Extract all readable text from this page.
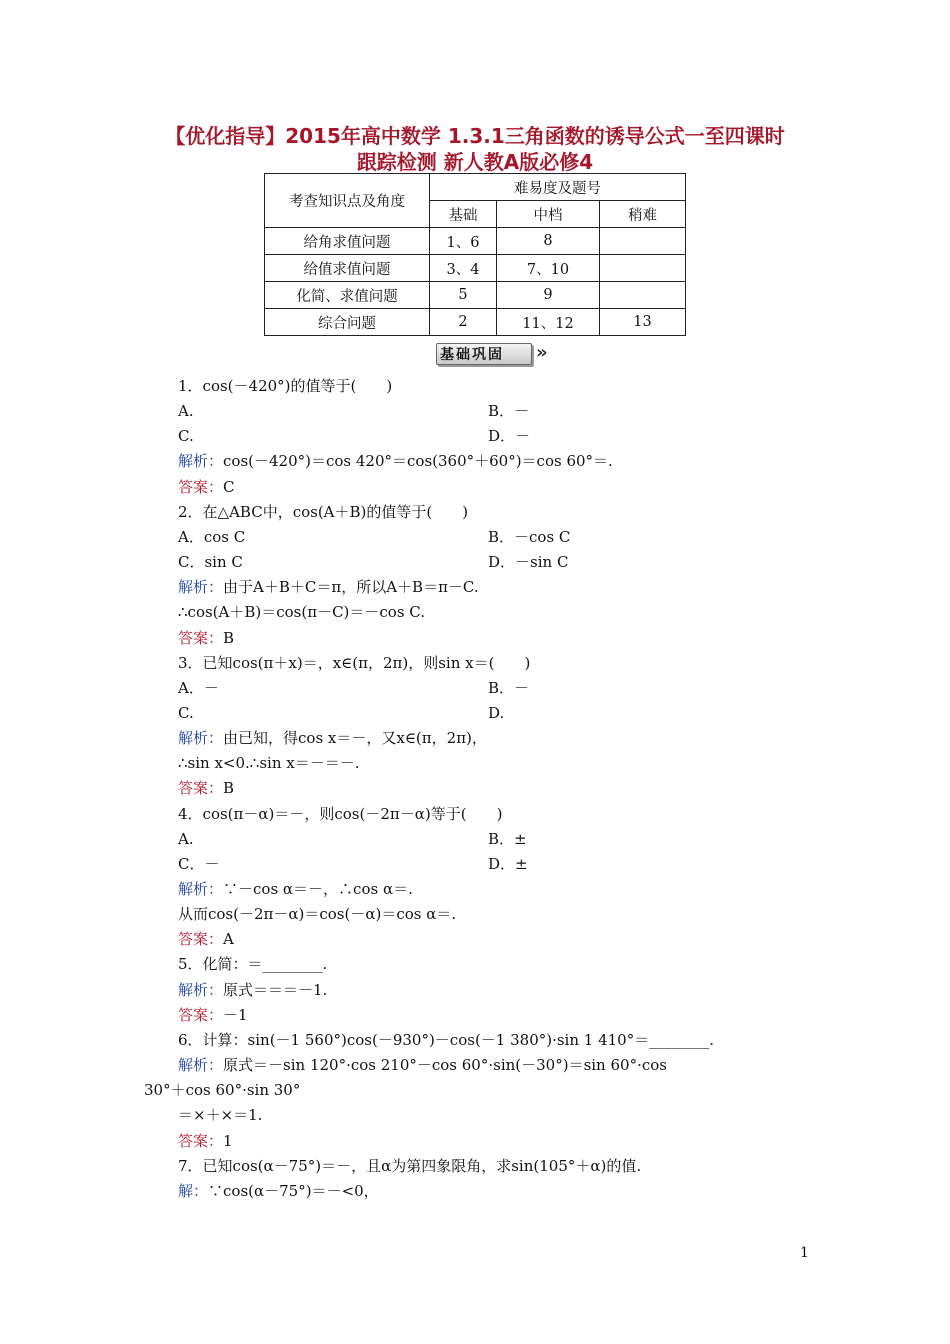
【优化指导】2015年高中数学 1.3.1三角函数的诱导公式一至四课时
跟踪检测 新人教A版必修4
考查知识点及角度	难易度及题号		
	基础	中档	稍难
给角求值问题	1、6	8	
给值求值问题	3、4	7、10	
化简、求值问题	5	9	
综合问题	2	11、12	13
基础巩固 »
1．cos(－420°)的值等于(　　)
A.	B．－
C.	D．－
解析：cos(－420°)＝cos 420°＝cos(360°＋60°)＝cos 60°＝.
答案：C
2．在△ABC中，cos(A＋B)的值等于(　　)
A．cos C	B．－cos C
C．sin C	D．－sin C
解析：由于A＋B＋C＝π，所以A＋B＝π－C.
∴cos(A＋B)＝cos(π－C)＝－cos C.
答案：B
3．已知cos(π＋x)＝，x∈(π，2π)，则sin x＝(　　)
A．－	B．－
C.	D.
解析：由已知，得cos x＝－，又x∈(π，2π)，
∴sin x<0.∴sin x＝－＝－.
答案：B
4．cos(π－α)＝－，则cos(－2π－α)等于(　　)
A.	B．±
C．－	D．±
解析：∵－cos α＝－，∴cos α＝.
从而cos(－2π－α)＝cos(－α)＝cos α＝.
答案：A
5．化简：＝________.
解析：原式＝＝＝－1.
答案：－1
6．计算：sin(－1 560°)cos(－930°)－cos(－1 380°)·sin 1 410°＝________.
解析：原式＝－sin 120°·cos 210°－cos 60°·sin(－30°)＝sin 60°·cos
30°＋cos 60°·sin 30°
＝×＋×＝1.
答案：1
7．已知cos(α－75°)＝－，且α为第四象限角，求sin(105°＋α)的值.
解：∵cos(α－75°)＝－<0，
1
